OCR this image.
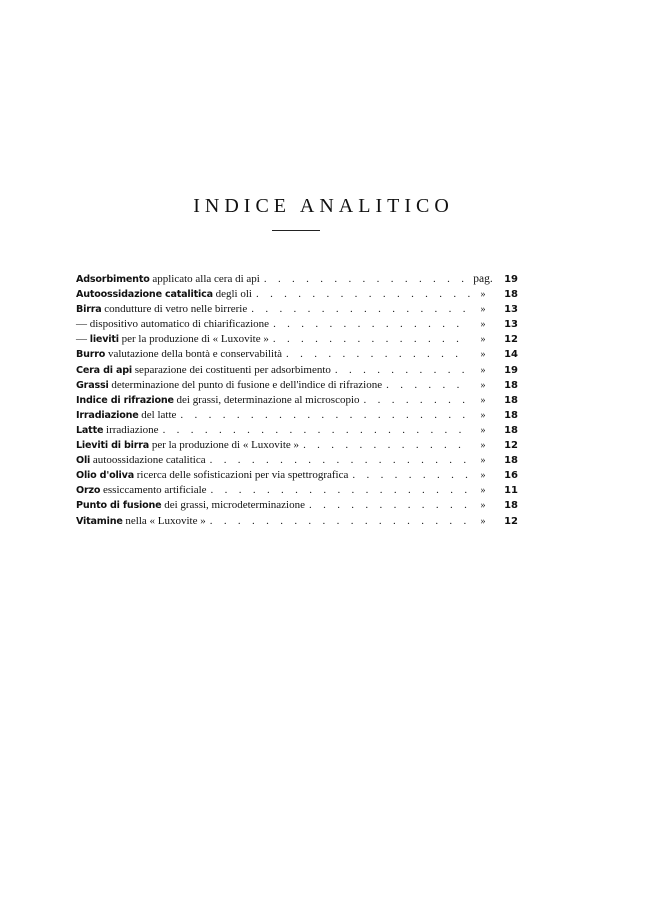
INDICE ANALITICO
Adsorbimento applicato alla cera di api . . .	pag.	19
Autoossidazione catalitica degli oli . . .	»	18
Birra condutture di vetro nelle birrerie . . .	»	13
— dispositivo automatico di chiarificazione . . .	»	13
— lieviti per la produzione di « Luxovite » . . .	»	12
Burro valutazione della bontà e conservabilità . . .	»	14
Cera di api separazione dei costituenti per adsorbimento . . .	»	19
Grassi determinazione del punto di fusione e dell'indice di rifrazione . . .	»	18
Indice di rifrazione dei grassi, determinazione al microscopio . . .	»	18
Irradiazione del latte . . .	»	18
Latte irradiazione . . .	»	18
Lieviti di birra per la produzione di « Luxovite » . . .	»	12
Oli autoossidazione catalitica . . .	»	18
Olio d'oliva ricerca delle sofisticazioni per via spettrografica . . .	»	16
Orzo essiccamento artificiale . . .	»	11
Punto di fusione dei grassi, microdeterminazione . . .	»	18
Vitamine nella « Luxovite » . . .	»	12
